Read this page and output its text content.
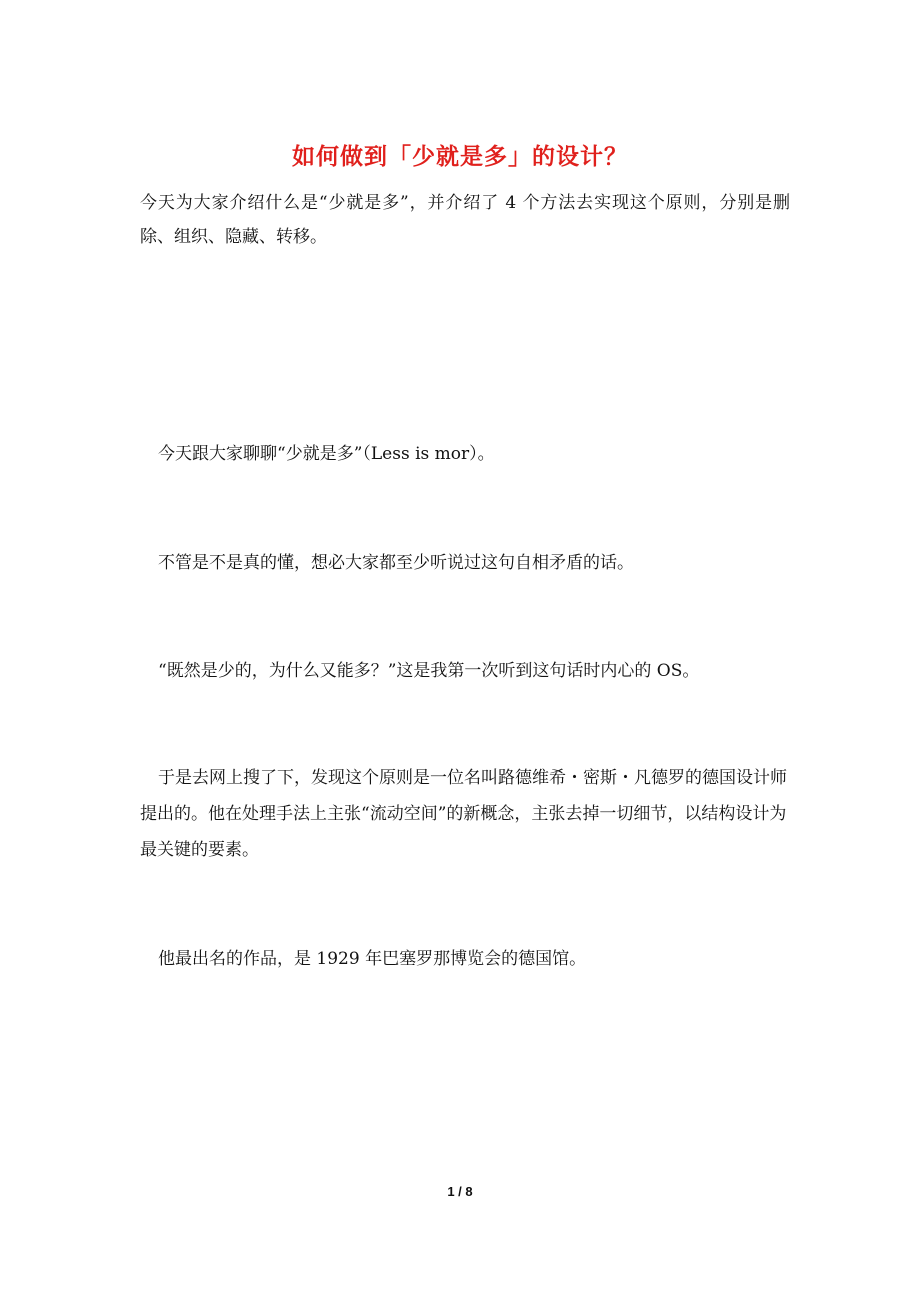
如何做到「少就是多」的设计？

今天为大家介绍什么是“少就是多”，并介绍了 4 个方法去实现这个原则，分别是删除、组织、隐藏、转移。

今天跟大家聊聊“少就是多”（Less is mor）。

不管是不是真的懂，想必大家都至少听说过这句自相矛盾的话。

“既然是少的，为什么又能多？”这是我第一次听到这句话时内心的 OS。

于是去网上搜了下，发现这个原则是一位名叫路德维希・密斯・凡德罗的德国设计师提出的。他在处理手法上主张“流动空间”的新概念，主张去掉一切细节，以结构设计为最关键的要素。

他最出名的作品，是 1929 年巴塞罗那博览会的德国馆。

1 / 8
